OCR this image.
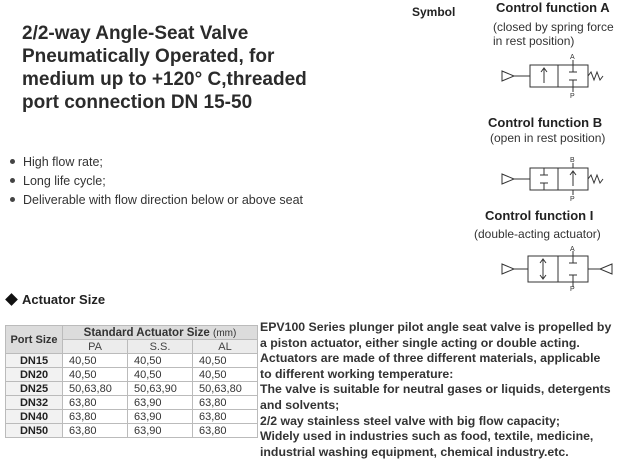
2/2-way Angle-Seat Valve
Pneumatically Operated, for
medium up to +120° C,threaded
port connection DN 15-50
High flow rate;
Long life cycle;
Deliverable with flow direction below or above seat
Symbol	Control function A
(closed by spring force
in rest position)
A
P
Control function B
(open in rest position)
B
P
Control function I
(double-acting actuator)
A
P
Actuator Size
Port Size	Standard Actuator Size (mm)		
	PA	S.S.	AL
DN15	40,50	40,50	40,50
DN20	40,50	40,50	40,50
DN25	50,63,80	50,63,90	50,63,80
DN32	63,80	63,90	63,80
DN40	63,80	63,90	63,80
DN50	63,80	63,90	63,80

EPV100 Series plunger pilot angle seat valve is propelled by

a piston actuator, either single acting or double acting.

Actuators are made of three different materials, applicable

to different working temperature:

The valve is suitable for neutral gases or liquids, detergents

and solvents;

2/2 way stainless steel valve with big flow capacity;

Widely used in industries such as food, textile, medicine,

industrial washing equipment, chemical industry.etc.
